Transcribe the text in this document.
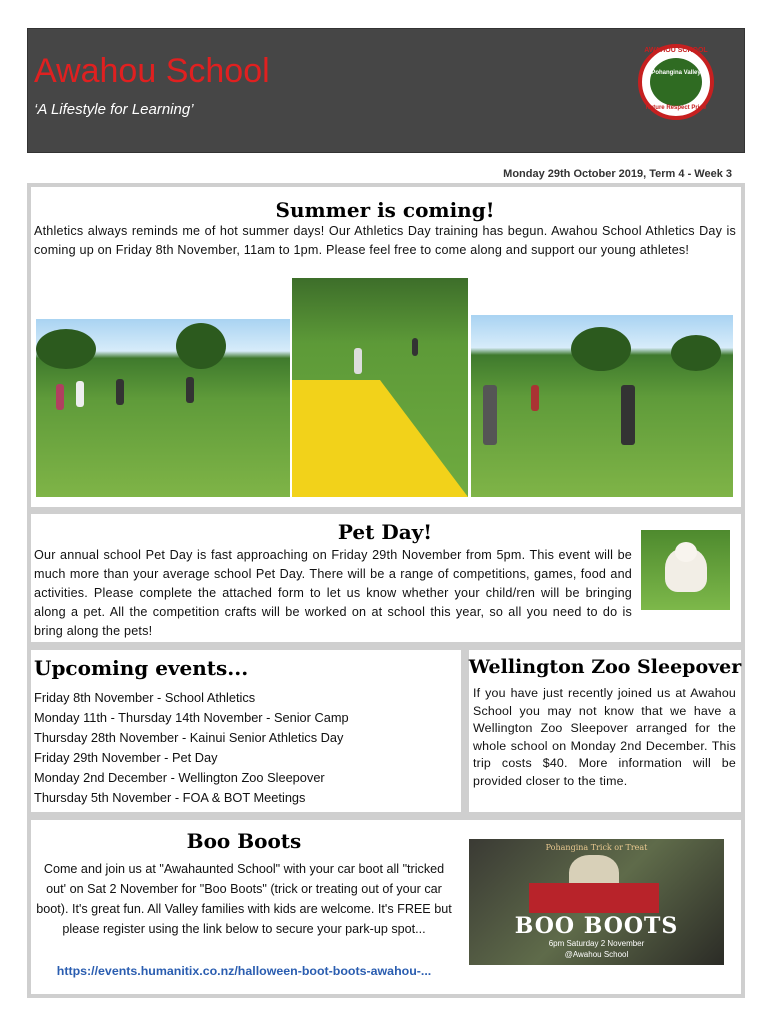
Awahou School
‘A Lifestyle for Learning’
AWAHOU SCHOOL
Pohangina Valley
Nature Respect Pride
Monday 29th October 2019, Term 4 - Week 3
Summer is coming!
Athletics always reminds me of hot summer days! Our Athletics Day training has begun. Awahou School Athletics Day is coming up on Friday 8th November, 11am to 1pm. Please feel free to come along and support our young athletes!
Pet Day!
Our annual school Pet Day is fast approaching on Friday 29th November from 5pm. This event will be much more than your average school Pet Day. There will be a range of competitions, games, food and activities. Please complete the attached form to let us know whether your child/ren will be bringing along a pet. All the competition crafts will be worked on at school this year, so all you need to do is bring along the pets!
Upcoming events...
Friday 8th November - School Athletics
Monday 11th - Thursday 14th November - Senior Camp
Thursday 28th November - Kainui Senior Athletics Day
Friday 29th November - Pet Day
Monday 2nd December - Wellington Zoo Sleepover
Thursday 5th November - FOA & BOT Meetings
Wellington Zoo Sleepover
If you have just recently joined us at Awahou School you may not know that we have a Wellington Zoo Sleepover arranged for the whole school on Monday 2nd December. This trip costs $40. More information will be provided closer to the time.
Boo Boots
Come and join us at "Awahaunted School" with your car boot all "tricked out' on Sat 2 November for "Boo Boots" (trick or treating out of your car boot). It's great fun. All Valley families with kids are welcome. It's FREE but please register using the link below to secure your park-up spot...
https://events.humanitix.co.nz/halloween-boot-boots-awahou-...
Pohangina Trick or Treat
BOO BOOTS
6pm Saturday 2 November
@Awahou School
